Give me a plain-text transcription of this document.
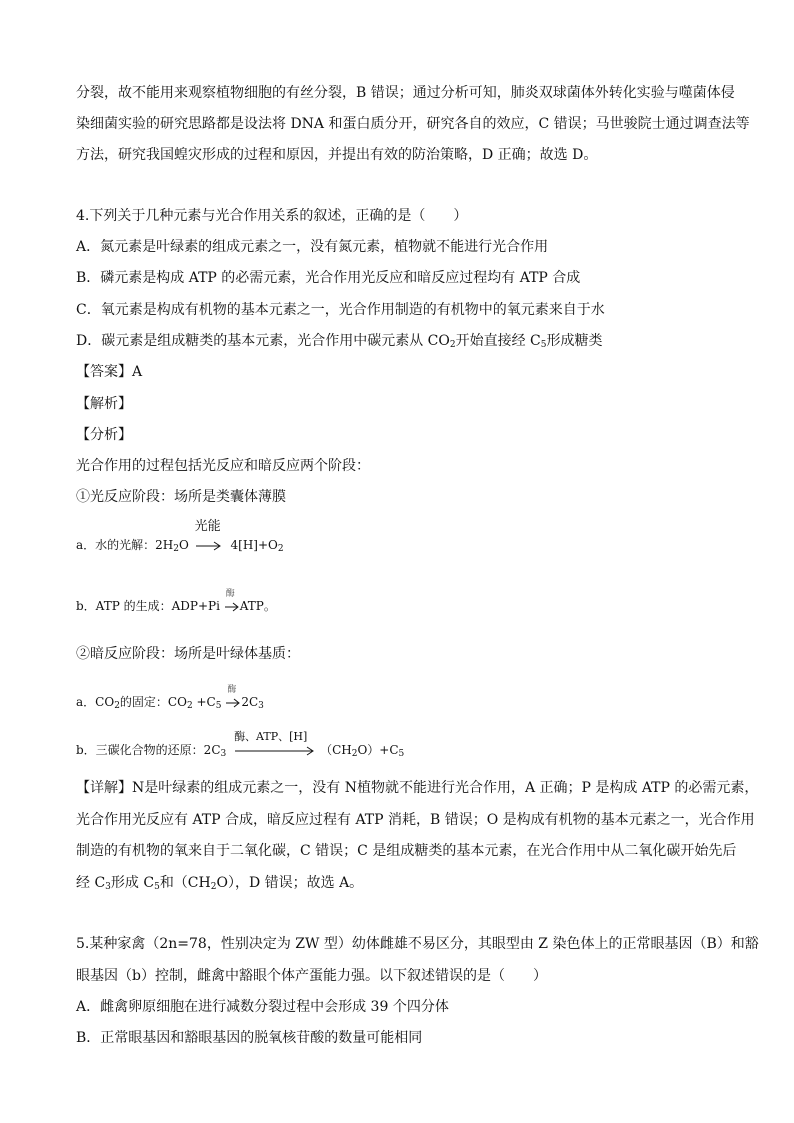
分裂，故不能用来观察植物细胞的有丝分裂，B 错误；通过分析可知，肺炎双球菌体外转化实验与噬菌体侵
染细菌实验的研究思路都是设法将 DNA 和蛋白质分开，研究各自的效应，C 错误；马世骏院士通过调查法等
方法，研究我国蝗灾形成的过程和原因，并提出有效的防治策略，D 正确；故选 D。
4.下列关于几种元素与光合作用关系的叙述，正确的是（　　）
A．氮元素是叶绿素的组成元素之一，没有氮元素，植物就不能进行光合作用
B．磷元素是构成 ATP 的必需元素，光合作用光反应和暗反应过程均有 ATP 合成
C．氧元素是构成有机物的基本元素之一，光合作用制造的有机物中的氧元素来自于水
D．碳元素是组成糖类的基本元素，光合作用中碳元素从 $CO_2$开始直接经 $C_5$形成糖类
【答案】A
【解析】
【分析】
光合作用的过程包括光反应和暗反应两个阶段：
①光反应阶段：场所是类囊体薄膜
a．水的光解：$2H_2O$
光能
$4[H]+O_2$
b．ATP 的生成：ADP+Pi
酶
ATP。
②暗反应阶段：场所是叶绿体基质：
a．$CO_2$的固定：$CO_2 +C_5$
酶
$2C_3$
b．三碳化合物的还原：$2C_3$
酶、ATP、[H]
$(CH_2O)+C_5$
【详解】N是叶绿素的组成元素之一，没有 N植物就不能进行光合作用，A 正确；P 是构成 ATP 的必需元素，
光合作用光反应有 ATP 合成，暗反应过程有 ATP 消耗，B 错误；O 是构成有机物的基本元素之一，光合作用
制造的有机物的氧来自于二氧化碳，C 错误；C 是组成糖类的基本元素，在光合作用中从二氧化碳开始先后
经 $C_3$形成 $C_5$和$(CH_2O)$，D 错误；故选 A。
5.某种家禽（2n=78，性别决定为 ZW 型）幼体雌雄不易区分，其眼型由 Z 染色体上的正常眼基因（B）和豁
眼基因（b）控制，雌禽中豁眼个体产蛋能力强。以下叙述错误的是（　　）
A．雌禽卵原细胞在进行减数分裂过程中会形成 39 个四分体
B．正常眼基因和豁眼基因的脱氧核苷酸的数量可能相同
